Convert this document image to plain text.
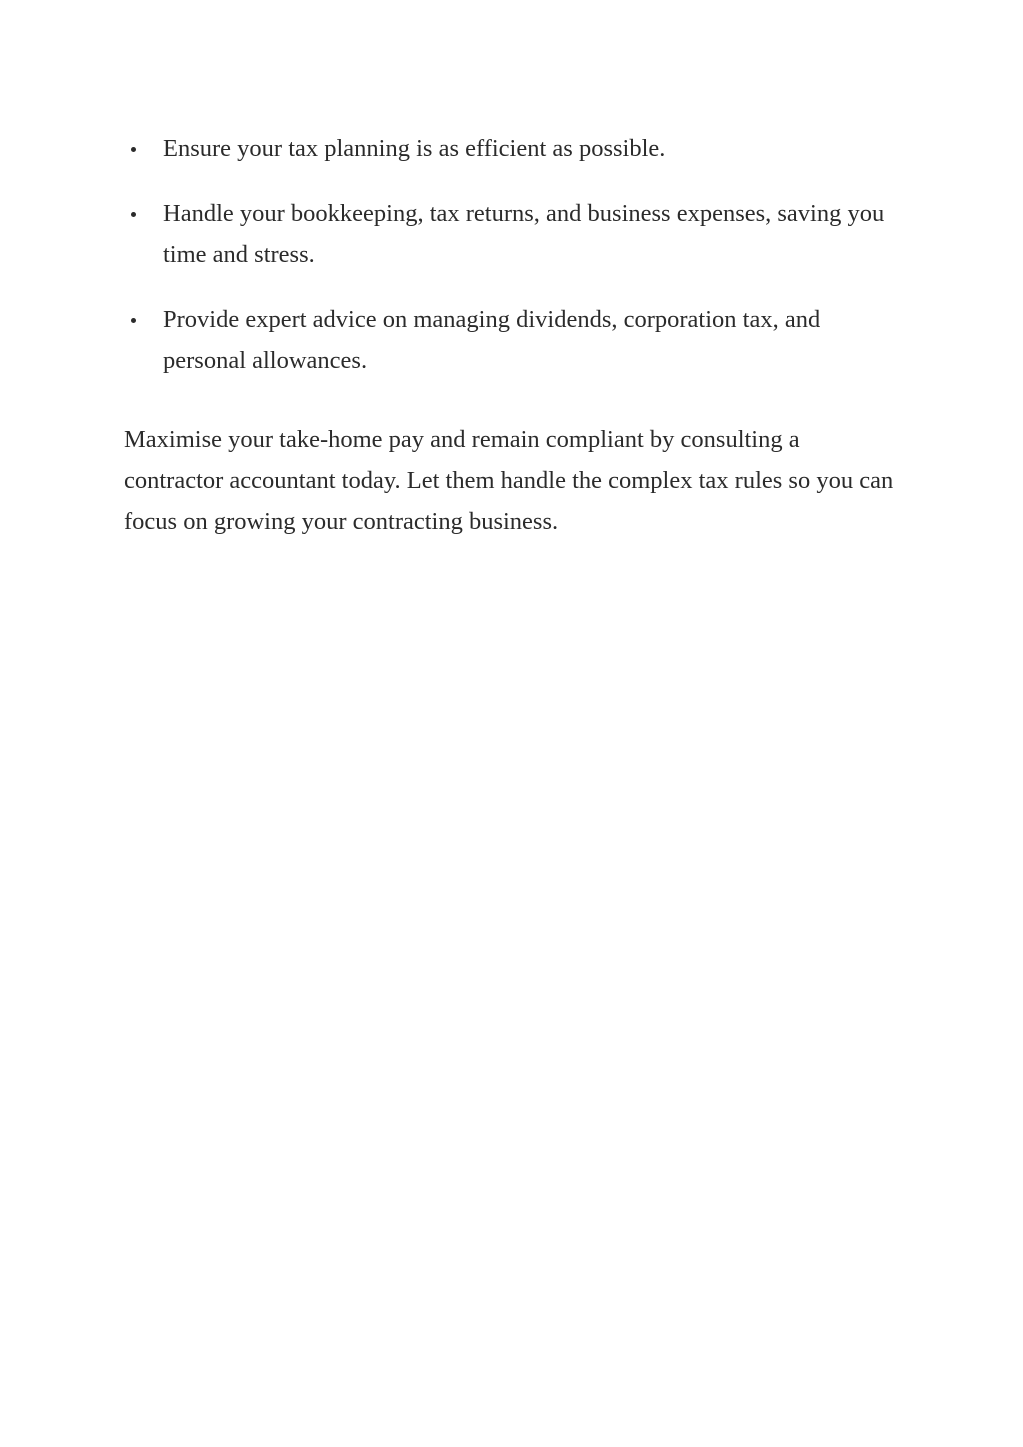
Ensure your tax planning is as efficient as possible.
Handle your bookkeeping, tax returns, and business expenses, saving you time and stress.
Provide expert advice on managing dividends, corporation tax, and personal allowances.

Maximise your take-home pay and remain compliant by consulting a contractor accountant today. Let them handle the complex tax rules so you can focus on growing your contracting business.
